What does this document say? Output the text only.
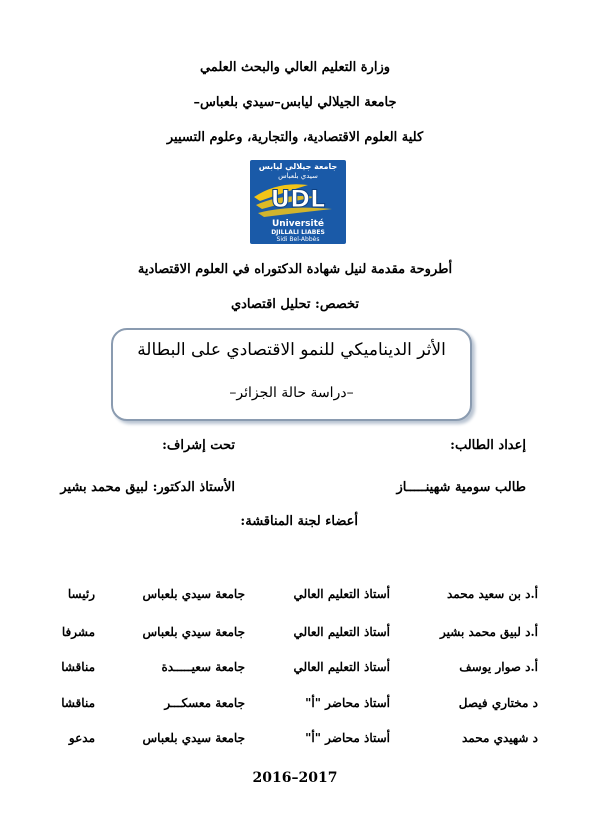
وزارة التعليم العالي والبحث العلمي
جامعة الجيلالي ليابس–سيدي بلعباس–
كلية العلوم الاقتصادية، والتجارية، وعلوم التسيير
UDL
جامعة جيلالي ليابس
سيدي بلعباس
Université
DJILLALI LIABES
Sidi Bel-Abbès
أطروحة مقدمة لنيل شهادة الدكتوراه في العلوم الاقتصادية
تخصص: تحليل اقتصادي
الأثر الديناميكي للنمو الاقتصادي على البطالة
–دراسة حالة الجزائر–
إعداد الطالب:
تحت إشراف:
طالب سومية شهينـــــاز
الأستاذ الدكتور: لبيق محمد بشير
أعضاء لجنة المناقشة:
أ.د بن سعيد محمد
أستاذ التعليم العالي
جامعة سيدي بلعباس
رئيسا
أ.د لبيق محمد بشير
أستاذ التعليم العالي
جامعة سيدي بلعباس
مشرفا
أ.د صوار يوسف
أستاذ التعليم العالي
جامعة سعيـــــدة
مناقشا
د مختاري فيصل
أستاذ محاضر "أ"
جامعة معسكـــر
مناقشا
د شهيدي محمد
أستاذ محاضر "أ"
جامعة سيدي بلعباس
مدعو
2016–2017
